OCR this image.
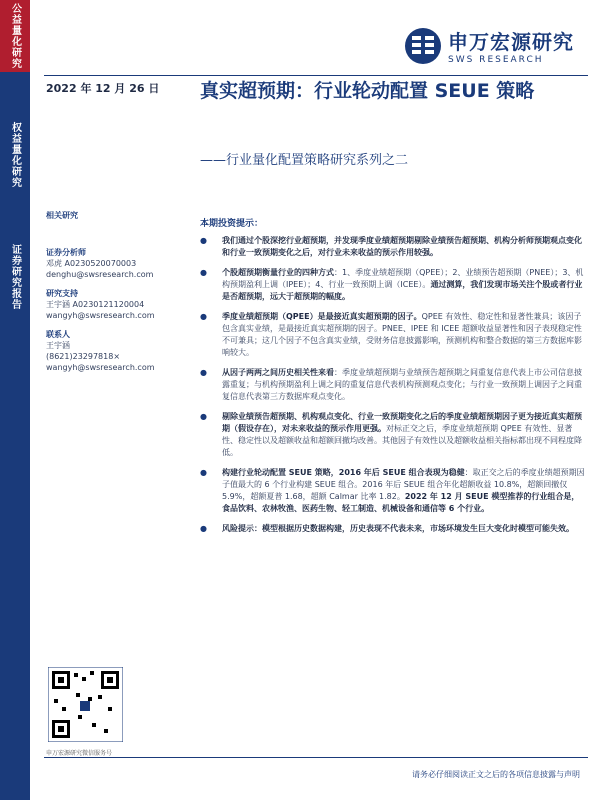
公益量化研究
权益量化研究
证券研究报告
申万宏源研究
SWS RESEARCH
2022 年 12 月 26 日 真实超预期：行业轮动配置 SEUE 策略
——行业量化配置策略研究系列之二
相关研究
证券分析师
邓虎 A0230520070003
denghu@swsresearch.com
研究支持
王宇涵 A0230121120004
wangyh@swsresearch.com
联系人
王宇涵
(8621)23297818×
wangyh@swsresearch.com
本期投资提示：
● 我们通过个股深挖行业超预期，并发现季度业绩超预期剔除业绩预告超预期、机构分析师预期观点变化和行业一致预期变化之后，对行业未来收益的预示作用较强。
● 个股超预期衡量行业的四种方式：1、季度业绩超预期（QPEE）；2、业绩预告超预期（PNEE）；3、机构预期盈利上调（IPEE）；4、行业一致预期上调（ICEE）。通过测算，我们发现市场关注个股或者行业是否超预期，远大于超预期的幅度。
● 季度业绩超预期（QPEE）是最接近真实超预期的因子。QPEE 有效性、稳定性和显著性兼具；该因子包含真实业绩，是最接近真实超预期的因子。PNEE、IPEE 和 ICEE 超额收益显著性和因子表现稳定性不可兼具；这几个因子不包含真实业绩，受财务信息披露影响，预测机构和整合数据的第三方数据库影响较大。
● 从因子两两之间历史相关性来看：季度业绩超预期与业绩预告超预期之间重复信息代表上市公司信息披露重复；与机构预期盈利上调之间的重复信息代表机构预测观点变化；与行业一致预期上调因子之间重复信息代表第三方数据库观点变化。
● 剔除业绩预告超预期、机构观点变化、行业一致预期变化之后的季度业绩超预期因子更为接近真实超预期（假设存在），对未来收益的预示作用更强。对标正交之后，季度业绩超预期 QPEE 有效性、显著性、稳定性以及超额收益和超额回撤均改善。其他因子有效性以及超额收益相关指标都出现不同程度降低。
● 构建行业轮动配置 SEUE 策略，2016 年后 SEUE 组合表现为稳健：取正交之后的季度业绩超预期因子值最大的 6 个行业构建 SEUE 组合。2016 年后 SEUE 组合年化超额收益 10.8%，超额回撤仅 5.9%，超额夏普 1.68，超额 Calmar 比率 1.82。2022 年 12 月 SEUE 模型推荐的行业组合是，食品饮料、农林牧渔、医药生物、轻工制造、机械设备和通信等 6 个行业。
● 风险提示：模型根据历史数据构建，历史表现不代表未来，市场环境发生巨大变化时模型可能失效。
申万宏源研究微信服务号
请务必仔细阅读正文之后的各项信息披露与声明
